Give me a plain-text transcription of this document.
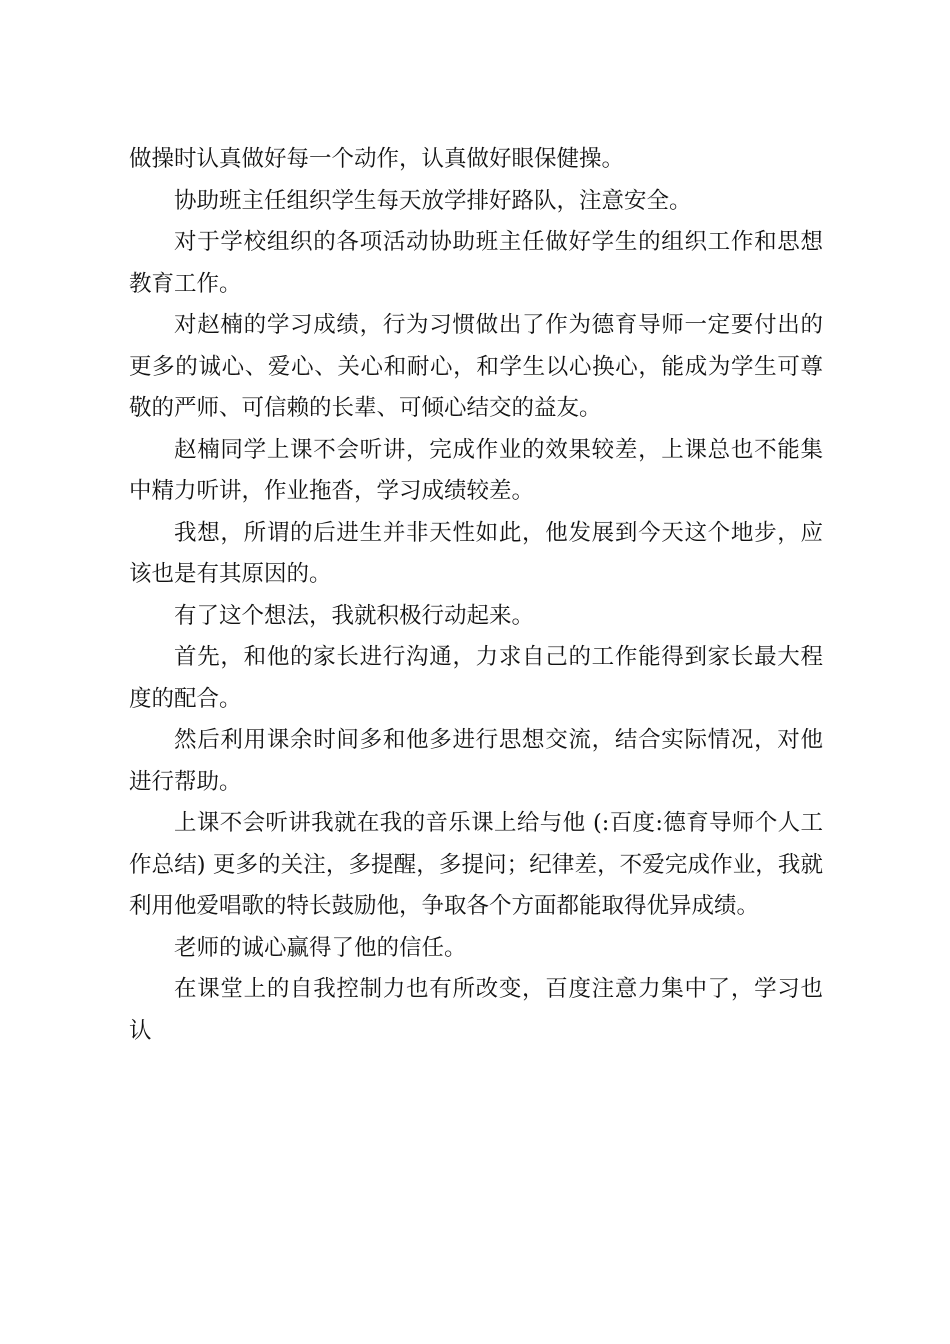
做操时认真做好每一个动作，认真做好眼保健操。

协助班主任组织学生每天放学排好路队，注意安全。

对于学校组织的各项活动协助班主任做好学生的组织工作和思想教育工作。

对赵楠的学习成绩，行为习惯做出了作为德育导师一定要付出的更多的诚心、爱心、关心和耐心，和学生以心换心，能成为学生可尊敬的严师、可信赖的长辈、可倾心结交的益友。

赵楠同学上课不会听讲，完成作业的效果较差，上课总也不能集中精力听讲，作业拖沓，学习成绩较差。

我想，所谓的后进生并非天性如此，他发展到今天这个地步，应该也是有其原因的。

有了这个想法，我就积极行动起来。

首先，和他的家长进行沟通，力求自己的工作能得到家长最大程度的配合。

然后利用课余时间多和他多进行思想交流，结合实际情况，对他进行帮助。

上课不会听讲我就在我的音乐课上给与他 (:百度:德育导师个人工作总结) 更多的关注，多提醒，多提问；纪律差，不爱完成作业，我就利用他爱唱歌的特长鼓励他，争取各个方面都能取得优异成绩。

老师的诚心赢得了他的信任。

在课堂上的自我控制力也有所改变，百度注意力集中了，学习也认
